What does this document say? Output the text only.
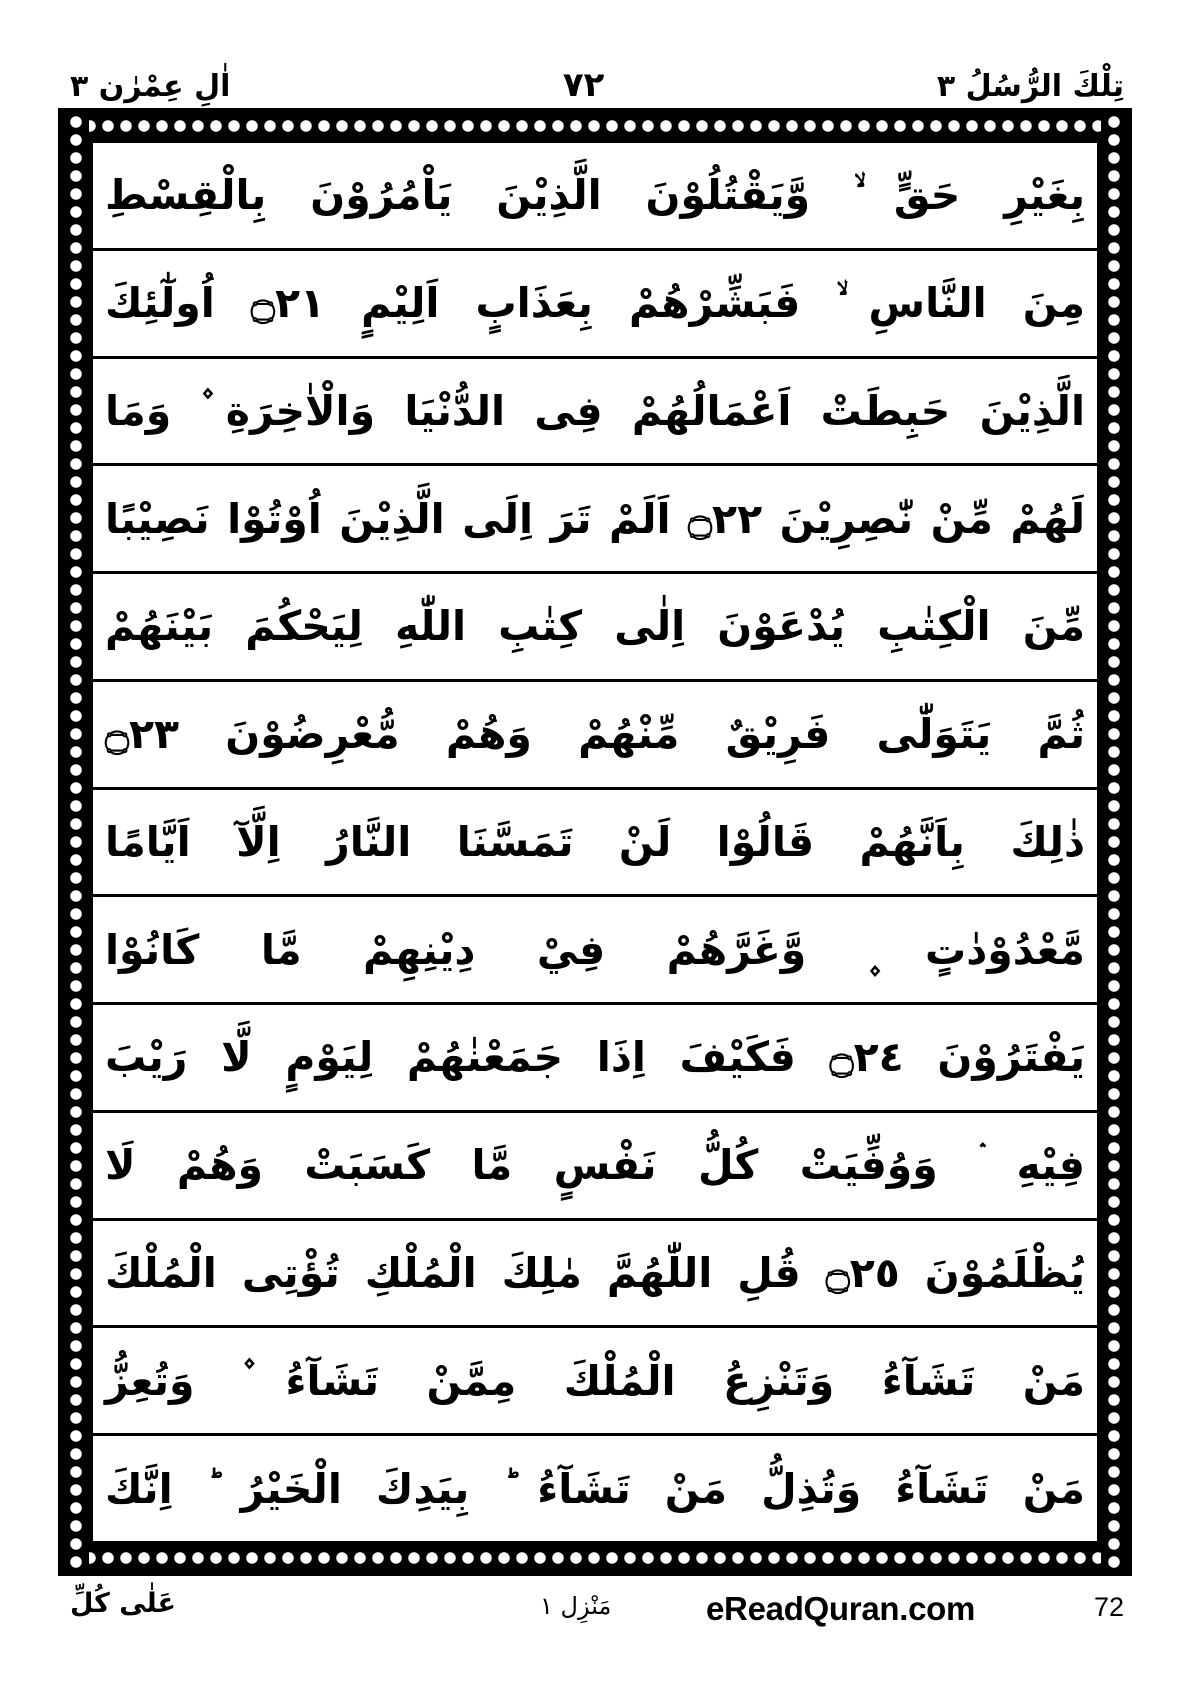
اٰلِ عِمْرٰن ٣	٧٢	تِلْكَ الرُّسُلُ ٣
بِغَيْرِ حَقٍّ ۙ وَّيَقْتُلُوْنَ الَّذِيْنَ يَاْمُرُوْنَ بِالْقِسْطِ
مِنَ النَّاسِ ۙ فَبَشِّرْهُمْ بِعَذَابٍ اَلِيْمٍ ۝٢١ اُولٰٓئِكَ
الَّذِيْنَ حَبِطَتْ اَعْمَالُهُمْ فِى الدُّنْيَا وَالْاٰخِرَةِ ۫ وَمَا
لَهُمْ مِّنْ نّٰصِرِيْنَ ۝٢٢ اَلَمْ تَرَ اِلَى الَّذِيْنَ اُوْتُوْا نَصِيْبًا
مِّنَ الْكِتٰبِ يُدْعَوْنَ اِلٰى كِتٰبِ اللّٰهِ لِيَحْكُمَ بَيْنَهُمْ
ثُمَّ يَتَوَلّٰى فَرِيْقٌ مِّنْهُمْ وَهُمْ مُّعْرِضُوْنَ ۝٢٣
ذٰلِكَ بِاَنَّهُمْ قَالُوْا لَنْ تَمَسَّنَا النَّارُ اِلَّآ اَيَّامًا
مَّعْدُوْدٰتٍ ۪ وَّغَرَّهُمْ فِيْ دِيْنِهِمْ مَّا كَانُوْا
يَفْتَرُوْنَ ۝٢٤ فَكَيْفَ اِذَا جَمَعْنٰهُمْ لِيَوْمٍ لَّا رَيْبَ
فِيْهِ ۛ وَوُفِّيَتْ كُلُّ نَفْسٍ مَّا كَسَبَتْ وَهُمْ لَا
يُظْلَمُوْنَ ۝٢٥ قُلِ اللّٰهُمَّ مٰلِكَ الْمُلْكِ تُؤْتِى الْمُلْكَ
مَنْ تَشَآءُ وَتَنْزِعُ الْمُلْكَ مِمَّنْ تَشَآءُ ۫ وَتُعِزُّ
مَنْ تَشَآءُ وَتُذِلُّ مَنْ تَشَآءُ ؕ بِيَدِكَ الْخَيْرُ ؕ اِنَّكَ
عَلٰى كُلِّ	مَنْزِل ١	eReadQuran.com	72
